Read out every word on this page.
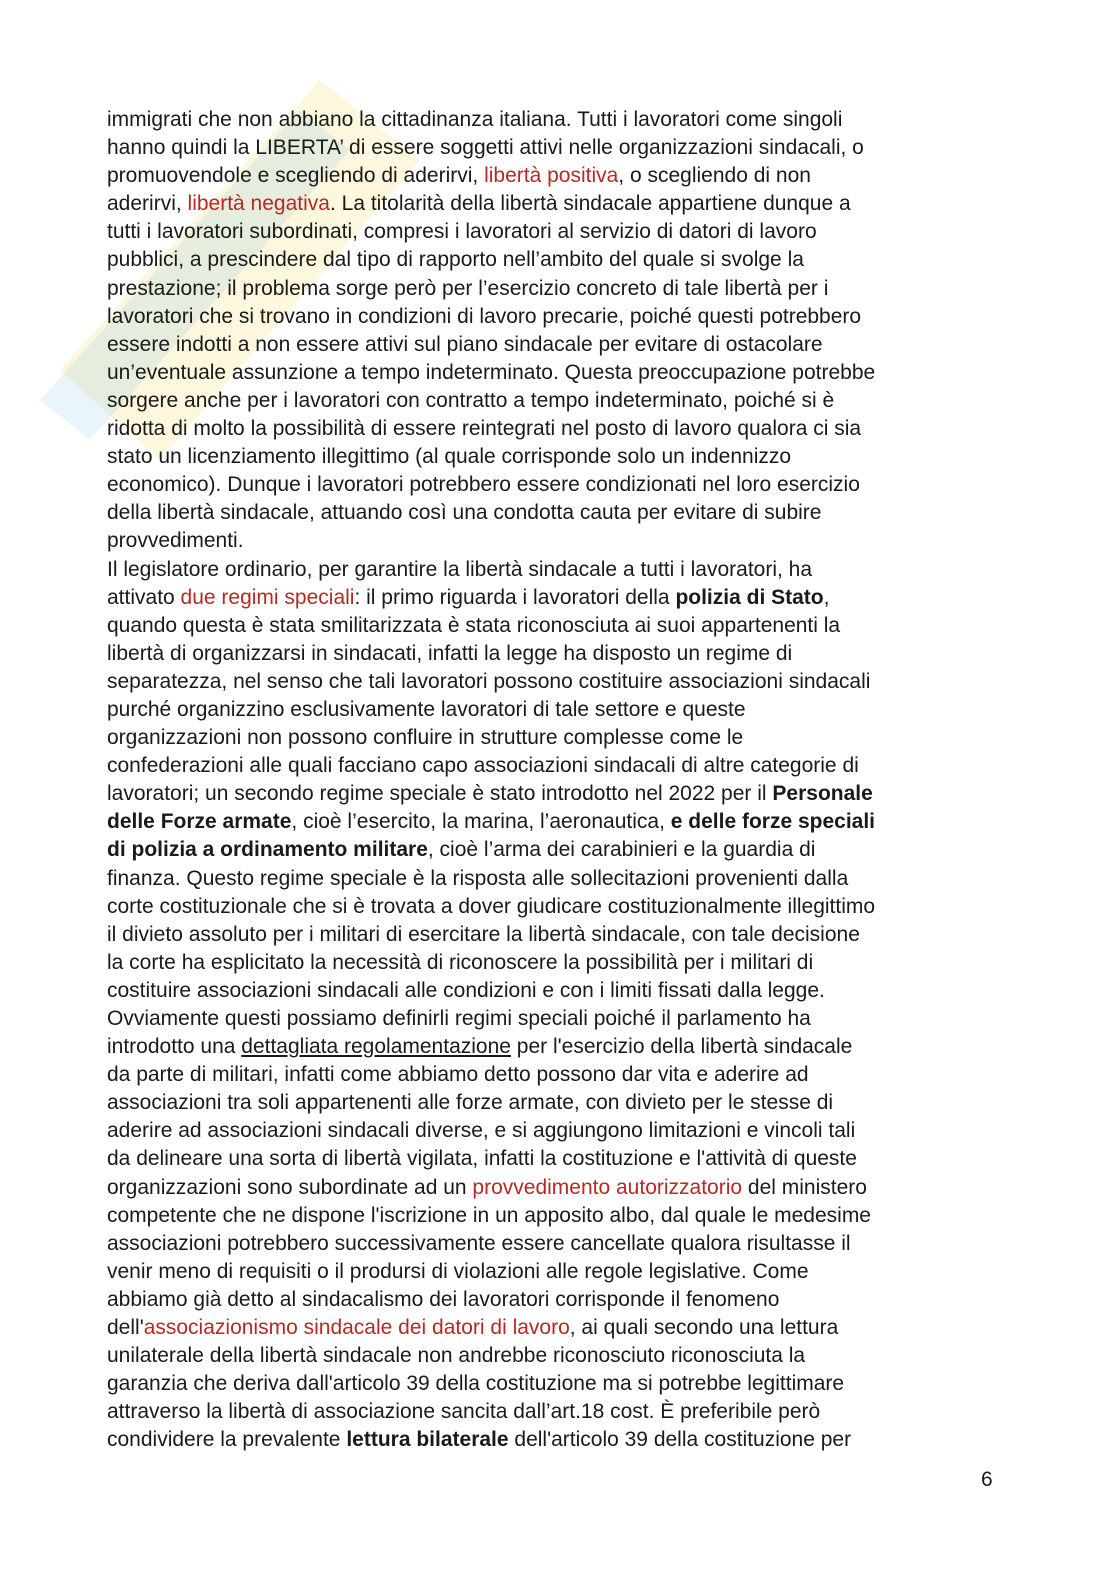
immigrati che non abbiano la cittadinanza italiana. Tutti i lavoratori come singoli
hanno quindi la LIBERTA’ di essere soggetti attivi nelle organizzazioni sindacali, o
promuovendole e scegliendo di aderirvi, libertà positiva, o scegliendo di non
aderirvi, libertà negativa. La titolarità della libertà sindacale appartiene dunque a
tutti i lavoratori subordinati, compresi i lavoratori al servizio di datori di lavoro
pubblici, a prescindere dal tipo di rapporto nell’ambito del quale si svolge la
prestazione; il problema sorge però per l’esercizio concreto di tale libertà per i
lavoratori che si trovano in condizioni di lavoro precarie, poiché questi potrebbero
essere indotti a non essere attivi sul piano sindacale per evitare di ostacolare
un’eventuale assunzione a tempo indeterminato. Questa preoccupazione potrebbe
sorgere anche per i lavoratori con contratto a tempo indeterminato, poiché si è
ridotta di molto la possibilità di essere reintegrati nel posto di lavoro qualora ci sia
stato un licenziamento illegittimo (al quale corrisponde solo un indennizzo
economico). Dunque i lavoratori potrebbero essere condizionati nel loro esercizio
della libertà sindacale, attuando così una condotta cauta per evitare di subire
provvedimenti.
Il legislatore ordinario, per garantire la libertà sindacale a tutti i lavoratori, ha
attivato due regimi speciali: il primo riguarda i lavoratori della polizia di Stato,
quando questa è stata smilitarizzata è stata riconosciuta ai suoi appartenenti la
libertà di organizzarsi in sindacati, infatti la legge ha disposto un regime di
separatezza, nel senso che tali lavoratori possono costituire associazioni sindacali
purché organizzino esclusivamente lavoratori di tale settore e queste
organizzazioni non possono confluire in strutture complesse come le
confederazioni alle quali facciano capo associazioni sindacali di altre categorie di
lavoratori; un secondo regime speciale è stato introdotto nel 2022 per il Personale
delle Forze armate, cioè l’esercito, la marina, l’aeronautica, e delle forze speciali
di polizia a ordinamento militare, cioè l’arma dei carabinieri e la guardia di
finanza. Questo regime speciale è la risposta alle sollecitazioni provenienti dalla
corte costituzionale che si è trovata a dover giudicare costituzionalmente illegittimo
il divieto assoluto per i militari di esercitare la libertà sindacale, con tale decisione
la corte ha esplicitato la necessità di riconoscere la possibilità per i militari di
costituire associazioni sindacali alle condizioni e con i limiti fissati dalla legge.
Ovviamente questi possiamo definirli regimi speciali poiché il parlamento ha
introdotto una dettagliata regolamentazione per l'esercizio della libertà sindacale
da parte di militari, infatti come abbiamo detto possono dar vita e aderire ad
associazioni tra soli appartenenti alle forze armate, con divieto per le stesse di
aderire ad associazioni sindacali diverse, e si aggiungono limitazioni e vincoli tali
da delineare una sorta di libertà vigilata, infatti la costituzione e l'attività di queste
organizzazioni sono subordinate ad un provvedimento autorizzatorio del ministero
competente che ne dispone l'iscrizione in un apposito albo, dal quale le medesime
associazioni potrebbero successivamente essere cancellate qualora risultasse il
venir meno di requisiti o il prodursi di violazioni alle regole legislative. Come
abbiamo già detto al sindacalismo dei lavoratori corrisponde il fenomeno
dell'associazionismo sindacale dei datori di lavoro, ai quali secondo una lettura
unilaterale della libertà sindacale non andrebbe riconosciuto riconosciuta la
garanzia che deriva dall'articolo 39 della costituzione ma si potrebbe legittimare
attraverso la libertà di associazione sancita dall’art.18 cost. È preferibile però
condividere la prevalente lettura bilaterale dell'articolo 39 della costituzione per
6
